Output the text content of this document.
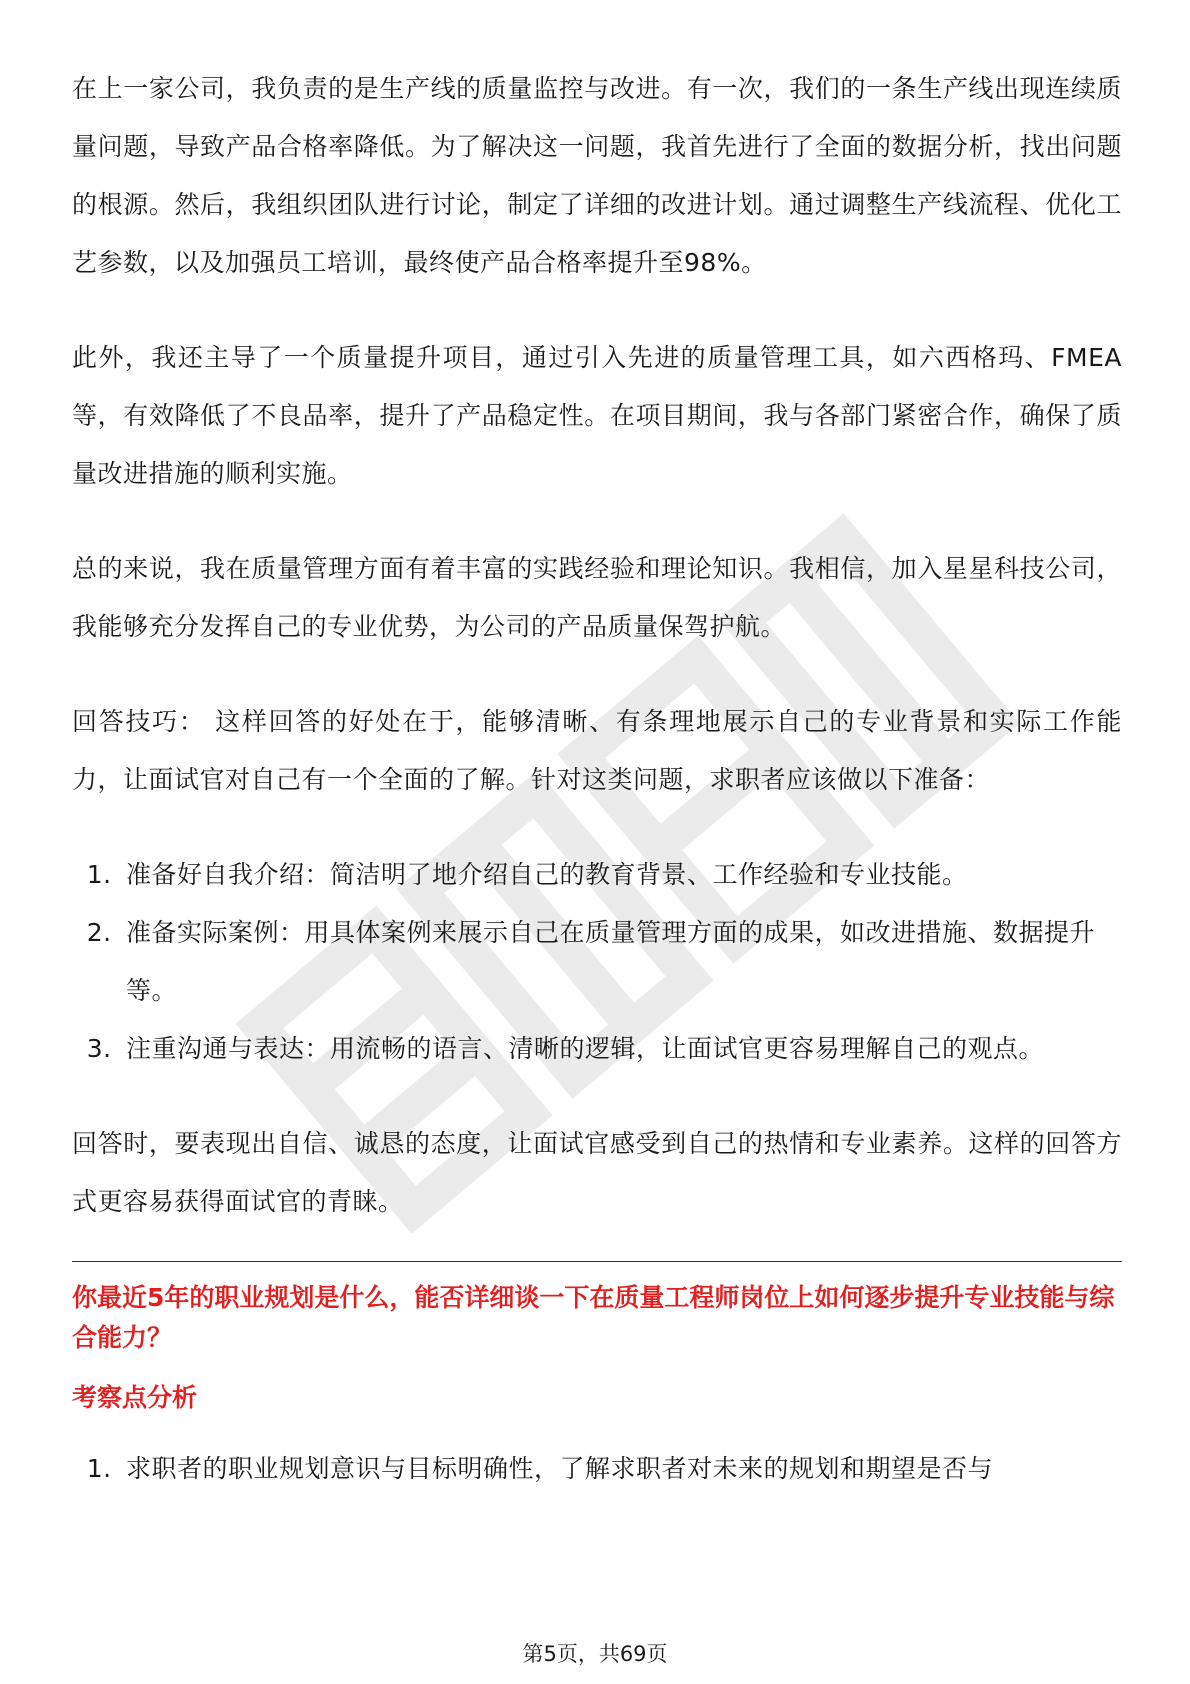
在上一家公司，我负责的是生产线的质量监控与改进。有一次，我们的一条生产线出现连续质量问题，导致产品合格率降低。为了解决这一问题，我首先进行了全面的数据分析，找出问题的根源。然后，我组织团队进行讨论，制定了详细的改进计划。通过调整生产线流程、优化工艺参数，以及加强员工培训，最终使产品合格率提升至98%。

此外，我还主导了一个质量提升项目，通过引入先进的质量管理工具，如六西格玛、FMEA等，有效降低了不良品率，提升了产品稳定性。在项目期间，我与各部门紧密合作，确保了质量改进措施的顺利实施。

总的来说，我在质量管理方面有着丰富的实践经验和理论知识。我相信，加入星星科技公司，我能够充分发挥自己的专业优势，为公司的产品质量保驾护航。

回答技巧： 这样回答的好处在于，能够清晰、有条理地展示自己的专业背景和实际工作能力，让面试官对自己有一个全面的了解。针对这类问题，求职者应该做以下准备：

1. 准备好自我介绍：简洁明了地介绍自己的教育背景、工作经验和专业技能。
2. 准备实际案例：用具体案例来展示自己在质量管理方面的成果，如改进措施、数据提升等。
3. 注重沟通与表达：用流畅的语言、清晰的逻辑，让面试官更容易理解自己的观点。

回答时，要表现出自信、诚恳的态度，让面试官感受到自己的热情和专业素养。这样的回答方式更容易获得面试官的青睐。

你最近5年的职业规划是什么，能否详细谈一下在质量工程师岗位上如何逐步提升专业技能与综合能力？
考察点分析
1. 求职者的职业规划意识与目标明确性，了解求职者对未来的规划和期望是否与
第5页，共69页
